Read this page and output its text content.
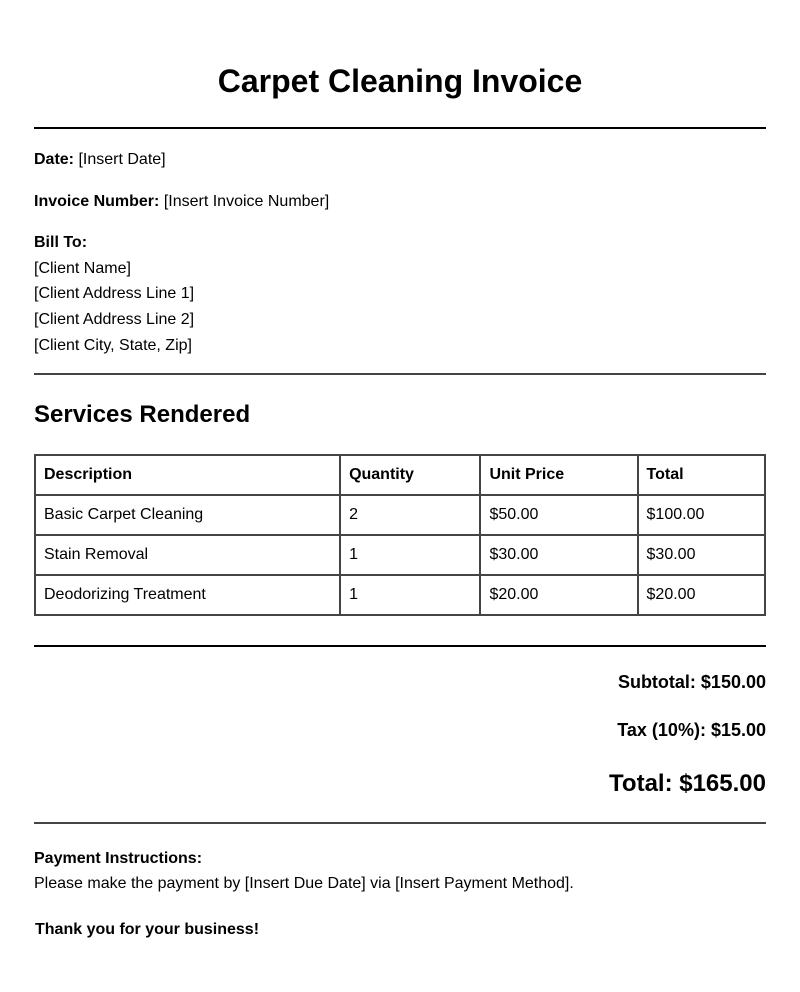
Carpet Cleaning Invoice
Date: [Insert Date]
Invoice Number: [Insert Invoice Number]
Bill To:
[Client Name]
[Client Address Line 1]
[Client Address Line 2]
[Client City, State, Zip]
Services Rendered
Description	Quantity	Unit Price	Total
Basic Carpet Cleaning	2	$50.00	$100.00
Stain Removal	1	$30.00	$30.00
Deodorizing Treatment	1	$20.00	$20.00
Subtotal: $150.00
Tax (10%): $15.00
Total: $165.00
Payment Instructions:
Please make the payment by [Insert Due Date] via [Insert Payment Method].
Thank you for your business!
